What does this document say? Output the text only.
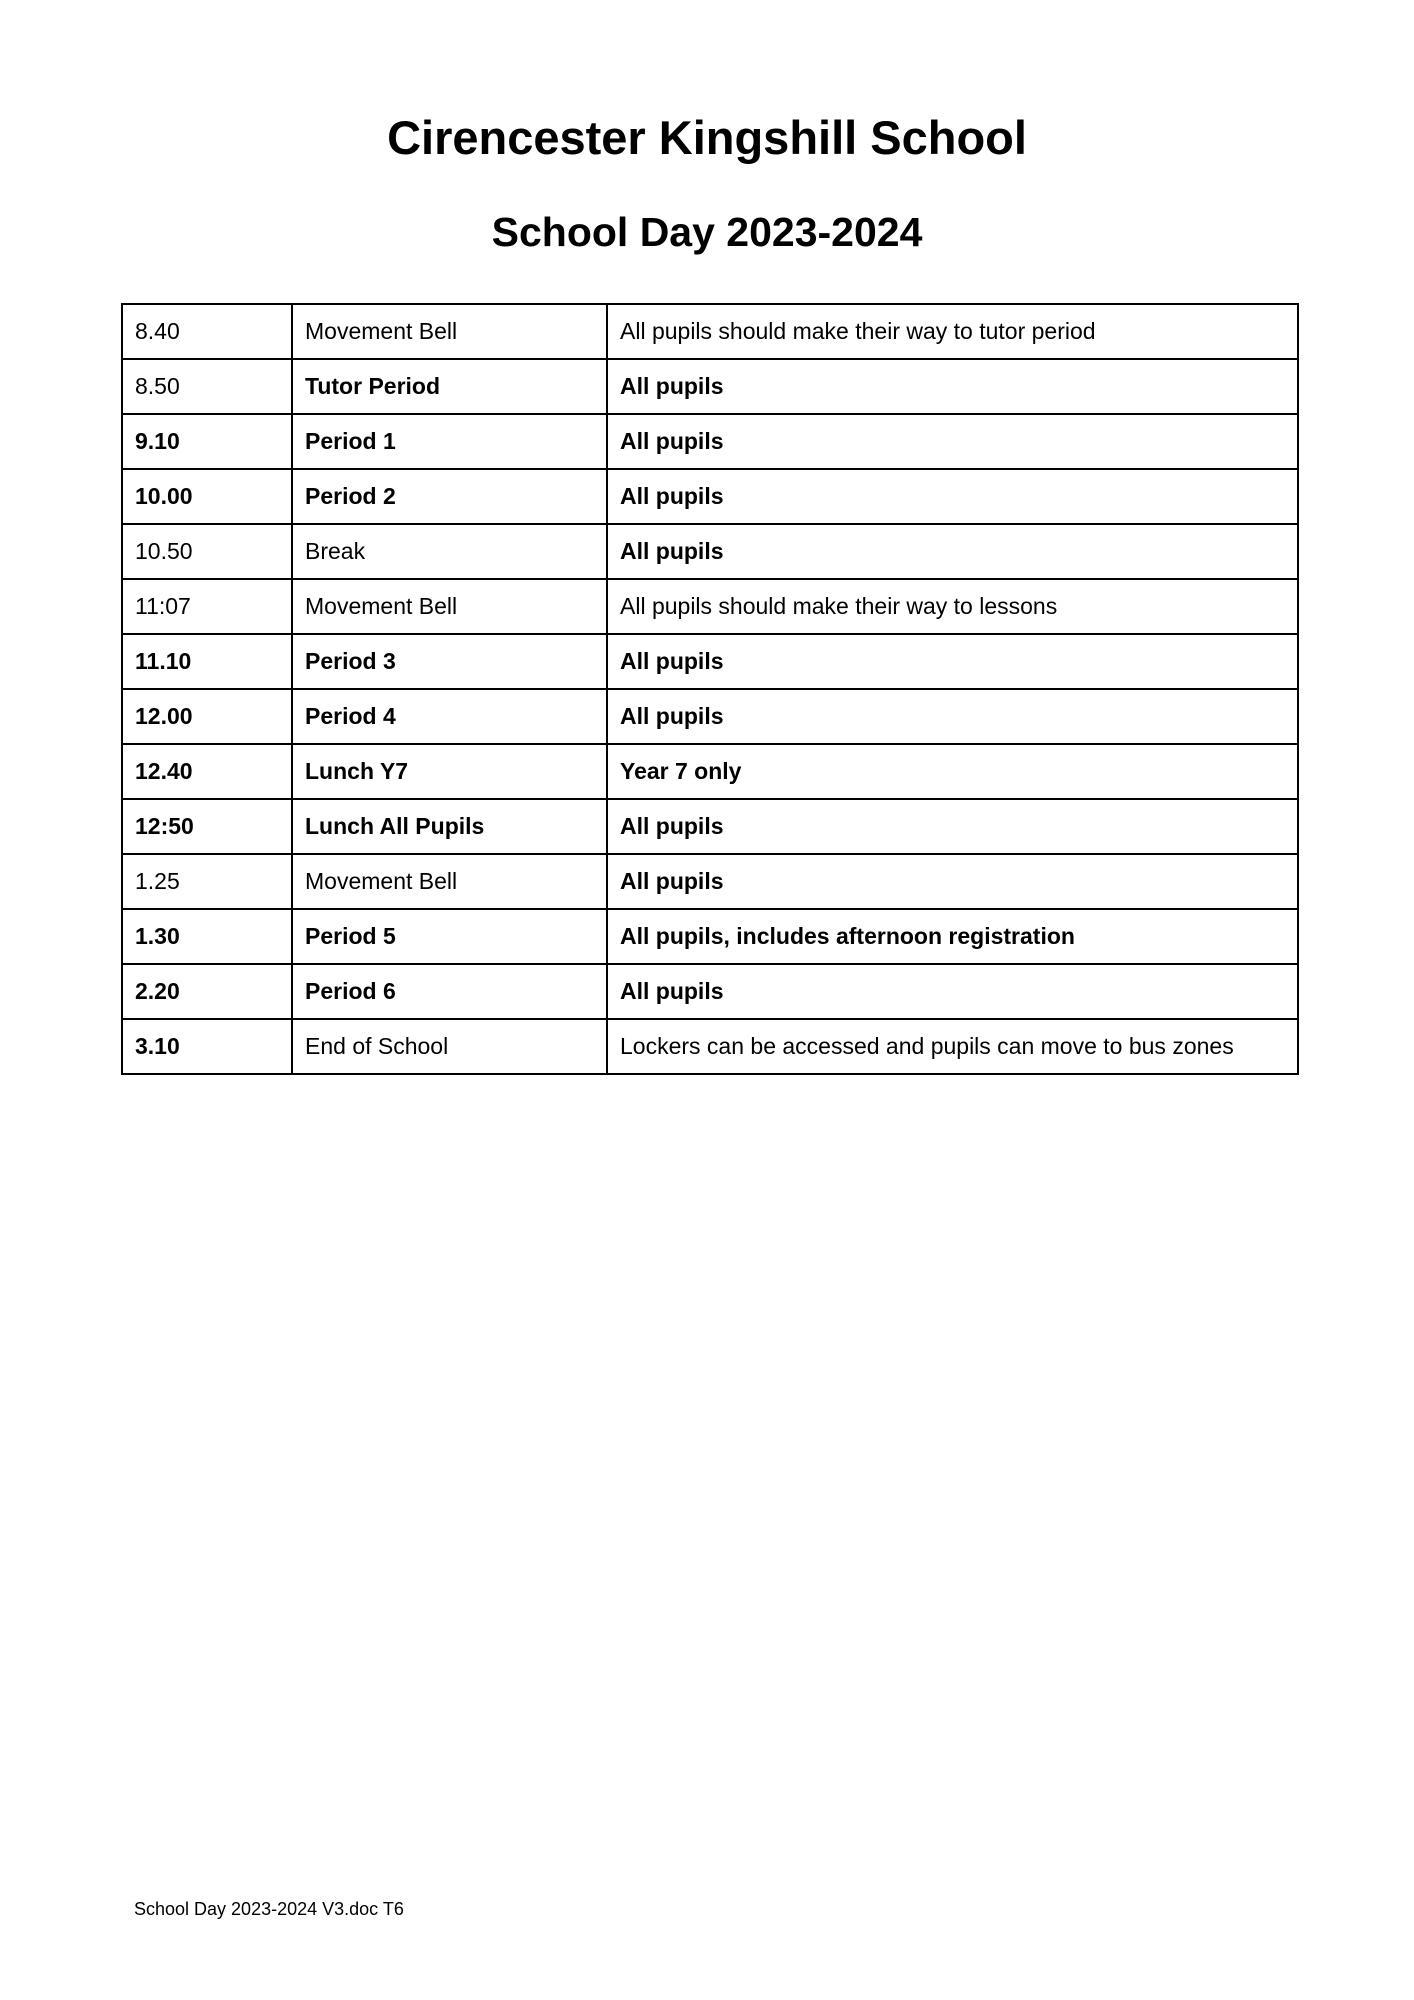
Cirencester Kingshill School
School Day 2023-2024
8.40	Movement Bell	All pupils should make their way to tutor period
8.50	Tutor Period	All pupils
9.10	Period 1	All pupils
10.00	Period 2	All pupils
10.50	Break	All pupils
11:07	Movement Bell	All pupils should make their way to lessons
11.10	Period 3	All pupils
12.00	Period 4	All pupils
12.40	Lunch Y7	Year 7 only
12:50	Lunch All Pupils	All pupils
1.25	Movement Bell	All pupils
1.30	Period 5	All pupils, includes afternoon registration
2.20	Period 6	All pupils
3.10	End of School	Lockers can be accessed and pupils can move to bus zones

School Day 2023-2024 V3.doc T6
